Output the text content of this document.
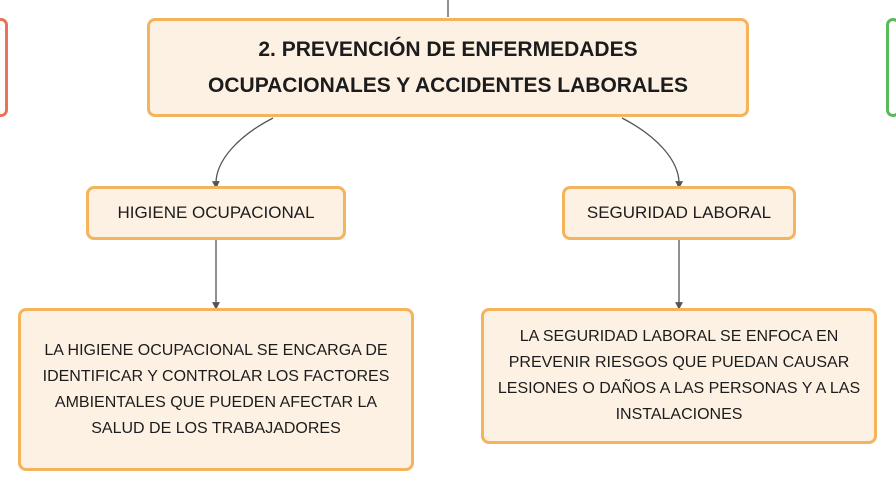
2. PREVENCIÓN DE ENFERMEDADES
OCUPACIONALES Y ACCIDENTES LABORALES
HIGIENE OCUPACIONAL	SEGURIDAD LABORAL
LA HIGIENE OCUPACIONAL SE ENCARGA DE IDENTIFICAR Y CONTROLAR LOS FACTORES AMBIENTALES QUE PUEDEN AFECTAR LA SALUD DE LOS TRABAJADORES
LA SEGURIDAD LABORAL SE ENFOCA EN PREVENIR RIESGOS QUE PUEDAN CAUSAR LESIONES O DAÑOS A LAS PERSONAS Y A LAS INSTALACIONES
